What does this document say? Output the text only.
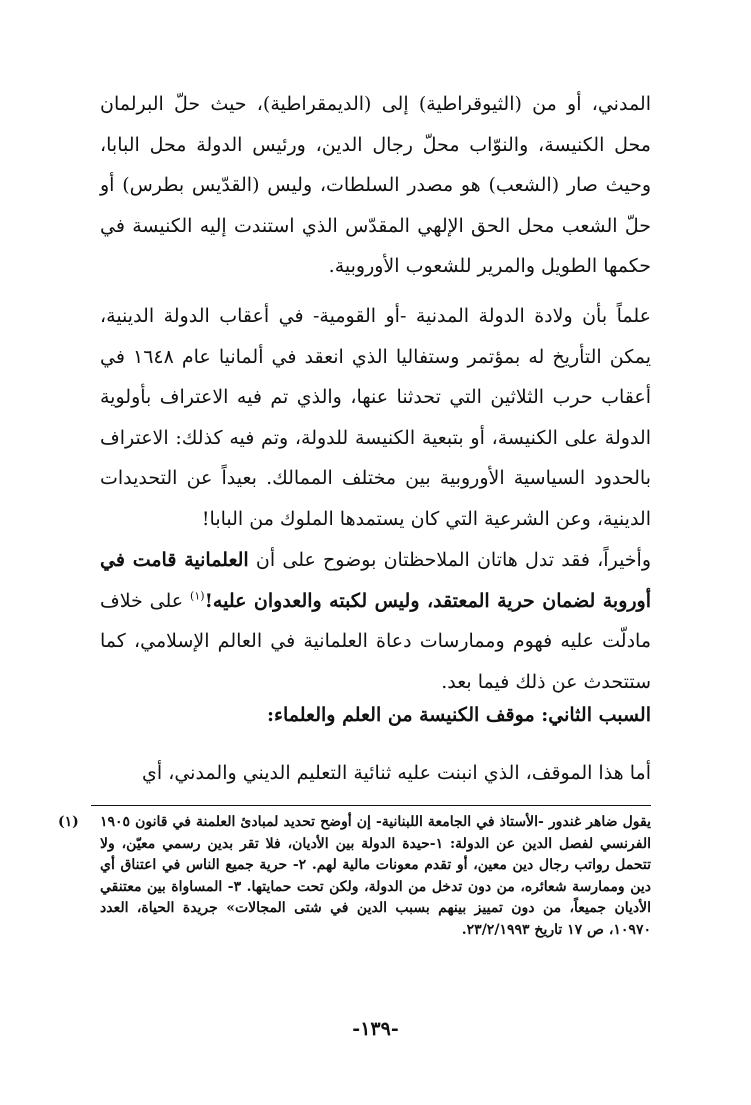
المدني، أو من (الثيوقراطية) إلى (الديمقراطية)، حيث حلّ البرلمان محل الكنيسة، والنوّاب محلّ رجال الدين، ورئيس الدولة محل البابا، وحيث صار (الشعب) هو مصدر السلطات، وليس (القدّيس بطرس) أو حلّ الشعب محل الحق الإلهي المقدّس الذي استندت إليه الكنيسة في حكمها الطويل والمرير للشعوب الأوروبية.

علماً بأن ولادة الدولة المدنية -أو القومية- في أعقاب الدولة الدينية، يمكن التأريخ له بمؤتمر وستفاليا الذي انعقد في ألمانيا عام ١٦٤٨ في أعقاب حرب الثلاثين التي تحدثنا عنها، والذي تم فيه الاعتراف بأولوية الدولة على الكنيسة، أو بتبعية الكنيسة للدولة، وتم فيه كذلك: الاعتراف بالحدود السياسية الأوروبية بين مختلف الممالك. بعيداً عن التحديدات الدينية، وعن الشرعية التي كان يستمدها الملوك من البابا!

وأخيراً، فقد تدل هاتان الملاحظتان بوضوح على أن العلمانية قامت في أوروبة لضمان حرية المعتقد، وليس لكبته والعدوان عليه!$^{(١)}$ على خلاف مادلّت عليه فهوم وممارسات دعاة العلمانية في العالم الإسلامي، كما ستتحدث عن ذلك فيما بعد.

السبب الثاني: موقف الكنيسة من العلم والعلماء:

أما هذا الموقف، الذي انبنت عليه ثنائية التعليم الديني والمدني، أي

يقول ضاهر غندور -الأستاذ في الجامعة اللبنانية- إن أوضح تحديد لمبادئ العلمنة في قانون ١٩٠٥ الفرنسي لفصل الدين عن الدولة: ١-حيدة الدولة بين الأديان، فلا تقر بدين رسمي معيّن، ولا تتحمل رواتب رجال دين معين، أو تقدم معونات مالية لهم. ٢- حرية جميع الناس في اعتناق أي دين وممارسة شعائره، من دون تدخل من الدولة، ولكن تحت حمايتها. ٣- المساواة بين معتنقي الأديان جميعاً، من دون تمييز بينهم بسبب الدين في شتى المجالات» جريدة الحياة، العدد ١٠٩٧٠، ص ١٧ تاريخ ٢٣/٢/١٩٩٣.
(١)

-١٣٩-
